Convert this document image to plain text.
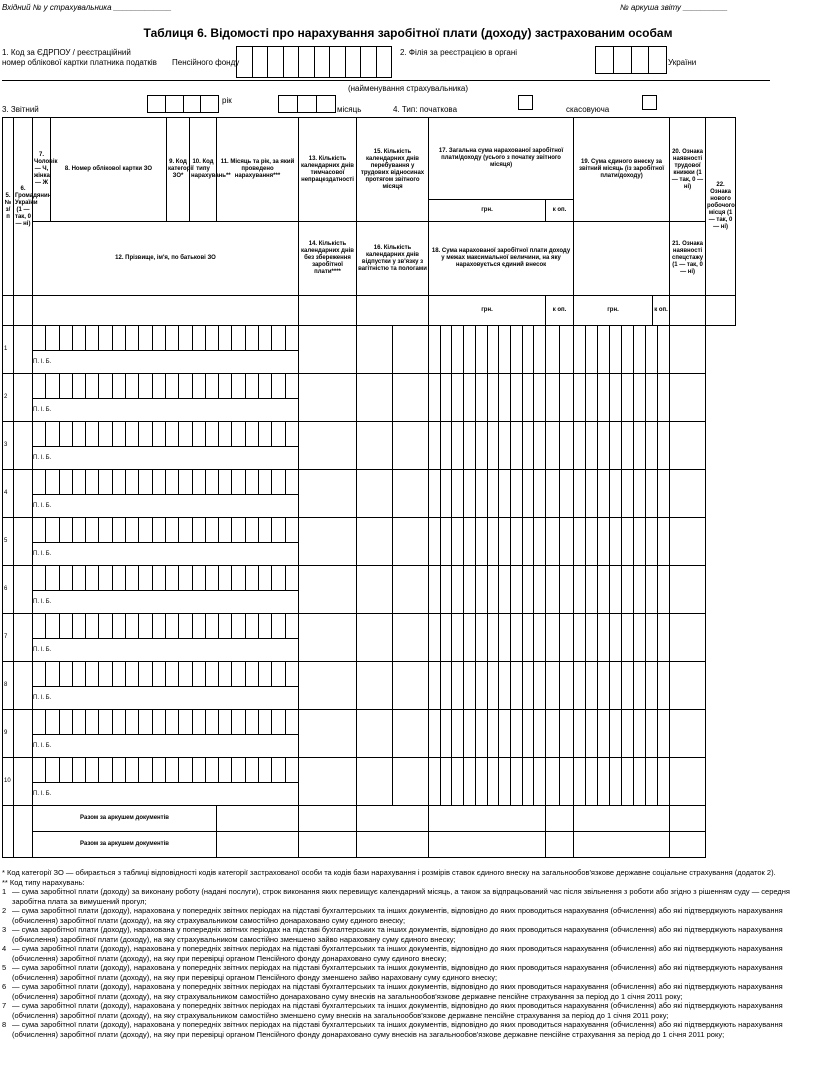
Вхідний № у страхувальника _____________	№ аркуша звіту __________
Таблиця 6. Відомості про нарахування заробітної плати (доходу) застрахованим особам
1. Код за ЄДРПОУ / реєстраційний
номер облікової картки платника податків Пенсійного фонду
2. Філія за реєстрацією в органі
України
(найменування страхувальника)
3. Звітний
рік
місяць	4. Тип: початкова	скасовуюча
5. № з/п	6. Громадянин України (1 — так, 0 — ні)	7. Чоловік — Ч, жінка — Ж	8. Номер облікової картки ЗО	9. Код категорії ЗО*	10. Код типу нарахувань**	11. Місяць та рік, за який проведено нарахування***	13. Кількість календарних днів тимчасової непрацездатності	15. Кількість календарних днів перебування у трудових відносинах протягом звітного місяця	17. Загальна сума нарахованої заробітної плати/доходу (усього з початку звітного місяця)		19. Сума єдиного внеску за звітний місяць (із заробітної плати/доходу)		20. Ознака наявності трудової книжки (1 — так, 0 — ні)	22. Ознака нового робочого місця (1 — так, 0 — ні)	
									грн.	к оп.					
		12. Прізвище, ім'я, по батькові ЗО					14. Кількість календарних днів без збереження заробітної плати****	16. Кількість календарних днів відпустки у зв'язку з вагітністю та пологами	18. Сума нарахованої заробітної плати доходу у межах максимальної величини, на яку нараховується єдиний внесок				21. Ознака наявності спецстажу (1 — так, 0 — ні)		
									грн.	к оп.	грн.	к оп.			
1		П. І. Б.													

2		П. І. Б.													

3		П. І. Б.													

4		П. І. Б.													

5		П. І. Б.													

6		П. І. Б.													

7		П. І. Б.													

8		П. І. Б.													

9		П. І. Б.													

10		П. І. Б.													

		Разом за аркушем документів													
		Разом за аркушем документів													

* Код категорії ЗО — обирається з таблиці відповідності кодів категорії застрахованої особи та кодів бази нарахування і розмірів ставок єдиного внеску на загальнообов'язкове державне соціальне страхування (додаток 2).

** Код типу нарахувань:

1 — сума заробітної плати (доходу) за виконану роботу (надані послуги), строк виконання яких перевищує календарний місяць, а також за відпрацьований час після звільнення з роботи або згідно з рішенням суду — середня заробітна плата за вимушений прогул;
2 — сума заробітної плати (доходу), нарахована у попередніх звітних періодах на підставі бухгалтерських та інших документів, відповідно до яких проводиться нарахування (обчислення) або які підтверджують нарахування (обчислення) заробітної плати (доходу), на яку страхувальником самостійно донараховано суму єдиного внеску;
3 — сума заробітної плати (доходу), нарахована у попередніх звітних періодах на підставі бухгалтерських та інших документів, відповідно до яких проводиться нарахування (обчислення) або які підтверджують нарахування (обчислення) заробітної плати (доходу), на яку страхувальником самостійно зменшено зайво нараховану суму єдиного внеску;
4 — сума заробітної плати (доходу), нарахована у попередніх звітних періодах на підставі бухгалтерських та інших документів, відповідно до яких проводиться нарахування (обчислення) або які підтверджують нарахування (обчислення) заробітної плати (доходу), на яку при перевірці органом Пенсійного фонду донараховано суму єдиного внеску;
5 — сума заробітної плати (доходу), нарахована у попередніх звітних періодах на підставі бухгалтерських та інших документів, відповідно до яких проводиться нарахування (обчислення) або які підтверджують нарахування (обчислення) заробітної плати (доходу), на яку при перевірці органом Пенсійного фонду зменшено зайво нараховану суму єдиного внеску;
6 — сума заробітної плати (доходу), нарахована у попередніх звітних періодах на підставі бухгалтерських та інших документів, відповідно до яких проводиться нарахування (обчислення) або які підтверджують нарахування (обчислення) заробітної плати (доходу), на яку страхувальником самостійно донараховано суму внесків на загальнообов'язкове державне пенсійне страхування за період до 1 січня 2011 року;
7 — сума заробітної плати (доходу), нарахована у попередніх звітних періодах на підставі бухгалтерських та інших документів, відповідно до яких проводиться нарахування (обчислення) або які підтверджують нарахування (обчислення) заробітної плати (доходу), на яку страхувальником самостійно зменшено суму внесків на загальнообов'язкове державне пенсійне страхування за період до 1 січня 2011 року;
8 — сума заробітної плати (доходу), нарахована у попередніх звітних періодах на підставі бухгалтерських та інших документів, відповідно до яких проводиться нарахування (обчислення) або які підтверджують нарахування (обчислення) заробітної плати (доходу), на яку при перевірці органом Пенсійного фонду донараховано суму внесків на загальнообов'язкове державне пенсійне страхування за період до 1 січня 2011 року;
